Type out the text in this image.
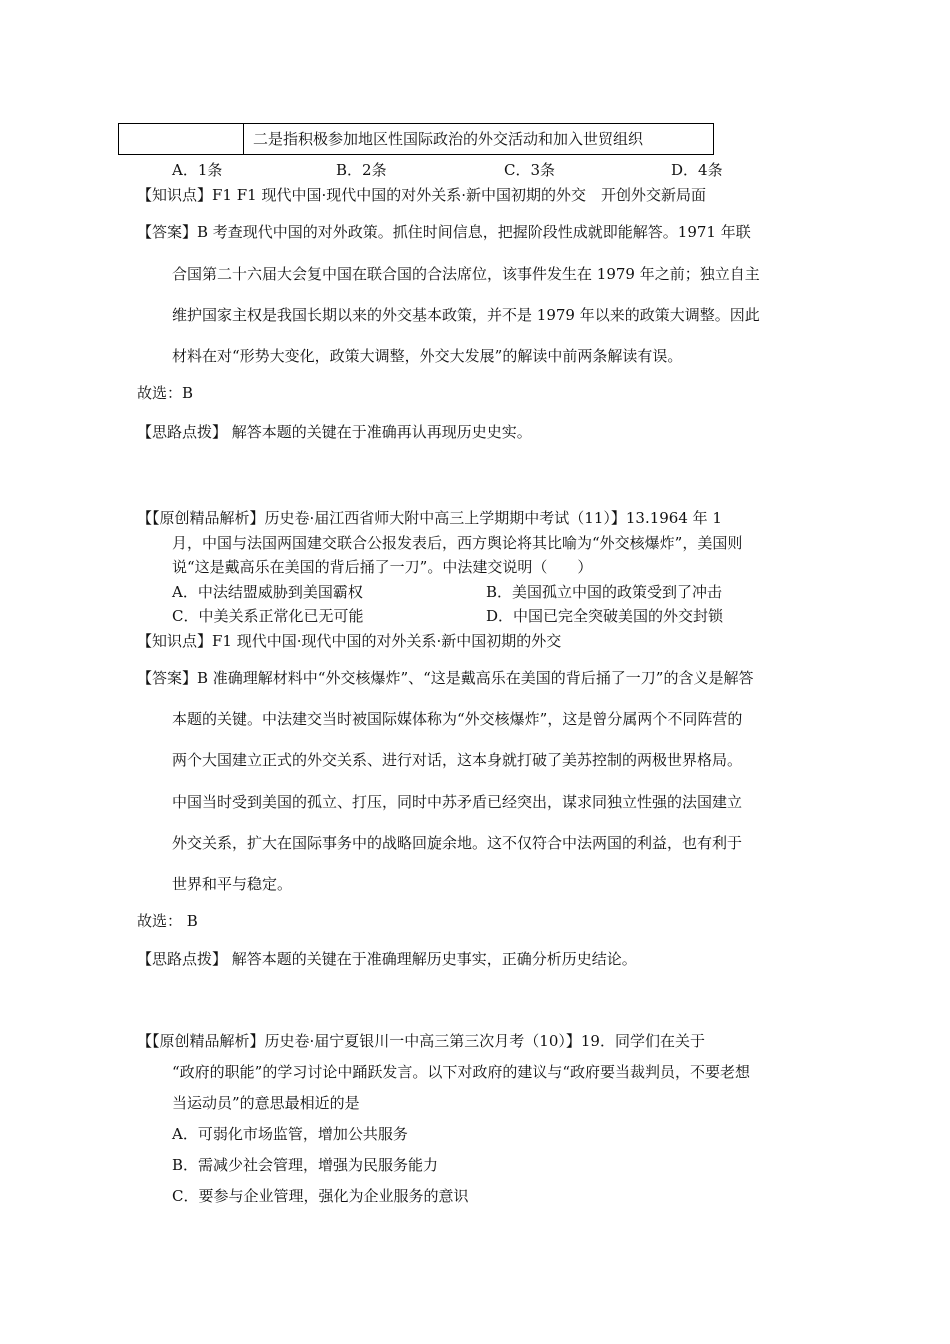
二是指积极参加地区性国际政治的外交活动和加入世贸组织
A．1条	B．2条	C．3条	D．4条
【知识点】F1 F1 现代中国·现代中国的对外关系·新中国初期的外交　开创外交新局面
【答案】B 考查现代中国的对外政策。抓住时间信息，把握阶段性成就即能解答。1971 年联
合国第二十六届大会复中国在联合国的合法席位，该事件发生在 1979 年之前；独立自主
维护国家主权是我国长期以来的外交基本政策，并不是 1979 年以来的政策大调整。因此
材料在对“形势大变化，政策大调整，外交大发展”的解读中前两条解读有误。
故选：B
【思路点拨】 解答本题的关键在于准确再认再现历史史实。
【【原创精品解析】历史卷·届江西省师大附中高三上学期期中考试（11）】13.1964 年 1
月，中国与法国两国建交联合公报发表后，西方舆论将其比喻为“外交核爆炸”，美国则
说“这是戴高乐在美国的背后捅了一刀”。中法建交说明（　　）
A．中法结盟威胁到美国霸权	B．美国孤立中国的政策受到了冲击
C．中美关系正常化已无可能	D．中国已完全突破美国的外交封锁
【知识点】F1 现代中国·现代中国的对外关系·新中国初期的外交
【答案】B 准确理解材料中“外交核爆炸”、“这是戴高乐在美国的背后捅了一刀”的含义是解答
本题的关键。中法建交当时被国际媒体称为“外交核爆炸”，这是曾分属两个不同阵营的
两个大国建立正式的外交关系、进行对话，这本身就打破了美苏控制的两极世界格局。
中国当时受到美国的孤立、打压，同时中苏矛盾已经突出，谋求同独立性强的法国建立
外交关系，扩大在国际事务中的战略回旋余地。这不仅符合中法两国的利益，也有利于
世界和平与稳定。
故选： B
【思路点拨】 解答本题的关键在于准确理解历史事实，正确分析历史结论。
【【原创精品解析】历史卷·届宁夏银川一中高三第三次月考（10）】19．同学们在关于
“政府的职能”的学习讨论中踊跃发言。以下对政府的建议与“政府要当裁判员，不要老想
当运动员”的意思最相近的是
A．可弱化市场监管，增加公共服务
B．需减少社会管理，增强为民服务能力
C．要参与企业管理，强化为企业服务的意识
